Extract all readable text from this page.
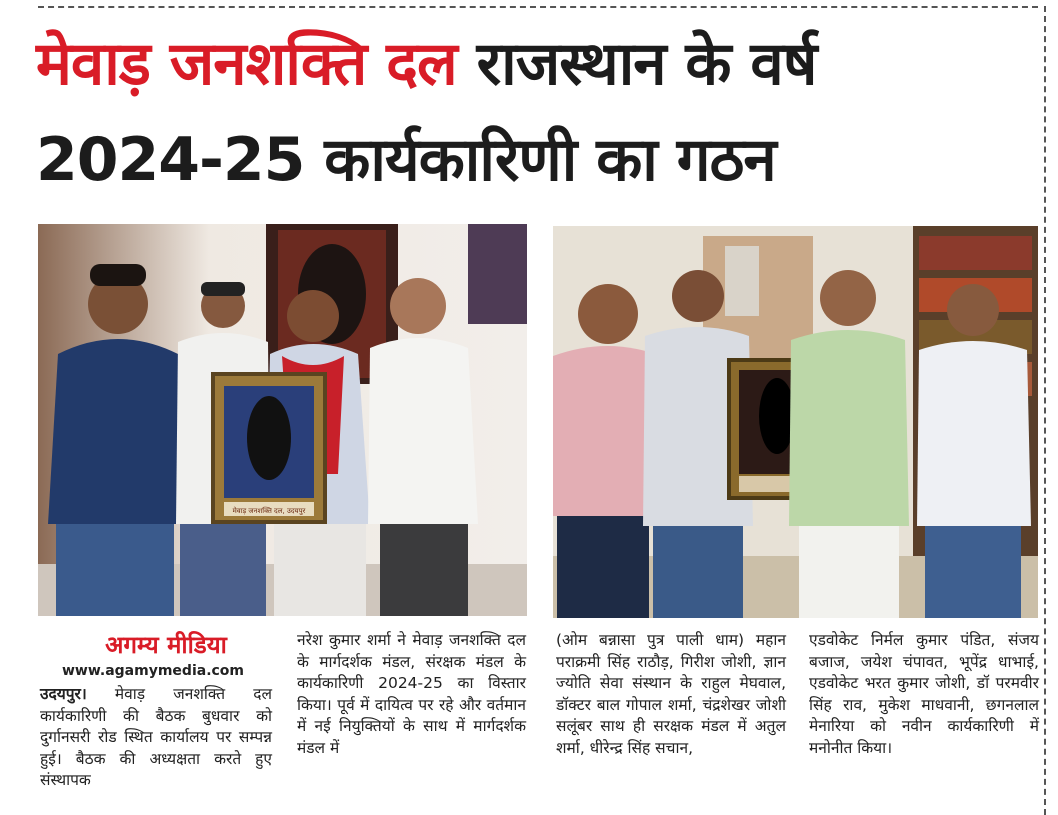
मेवाड़ जनशक्ति दल राजस्थान के वर्ष
2024-25 कार्यकारिणी का गठन
मेवाड़ जनशक्ति दल, उदयपुर
अगम्य मीडिया
www.agamymedia.com
उदयपुर। मेवाड़ जनशक्ति दल कार्यकारिणी की बैठक बुधवार को दुर्गानसरी रोड स्थित कार्यालय पर सम्पन्न हुई। बैठक की अध्यक्षता करते हुए संस्थापक
नरेश कुमार शर्मा ने मेवाड़ जनशक्ति दल के मार्गदर्शक मंडल, संरक्षक मंडल के कार्यकारिणी 2024-25 का विस्तार किया। पूर्व में दायित्व पर रहे और वर्तमान में नई नियुक्तियों के साथ में मार्गदर्शक मंडल में
(ओम बन्नासा पुत्र पाली धाम) महान पराक्रमी सिंह राठौड़, गिरीश जोशी, ज्ञान ज्योति सेवा संस्थान के राहुल मेघवाल, डॉक्टर बाल गोपाल शर्मा, चंद्रशेखर जोशी सलूंबर साथ ही सरक्षक मंडल में अतुल शर्मा, धीरेन्द्र सिंह सचान,
एडवोकेट निर्मल कुमार पंडित, संजय बजाज, जयेश चंपावत, भूपेंद्र धाभाई, एडवोकेट भरत कुमार जोशी, डॉ परमवीर सिंह राव, मुकेश माधवानी, छगनलाल मेनारिया को नवीन कार्यकारिणी में मनोनीत किया।
